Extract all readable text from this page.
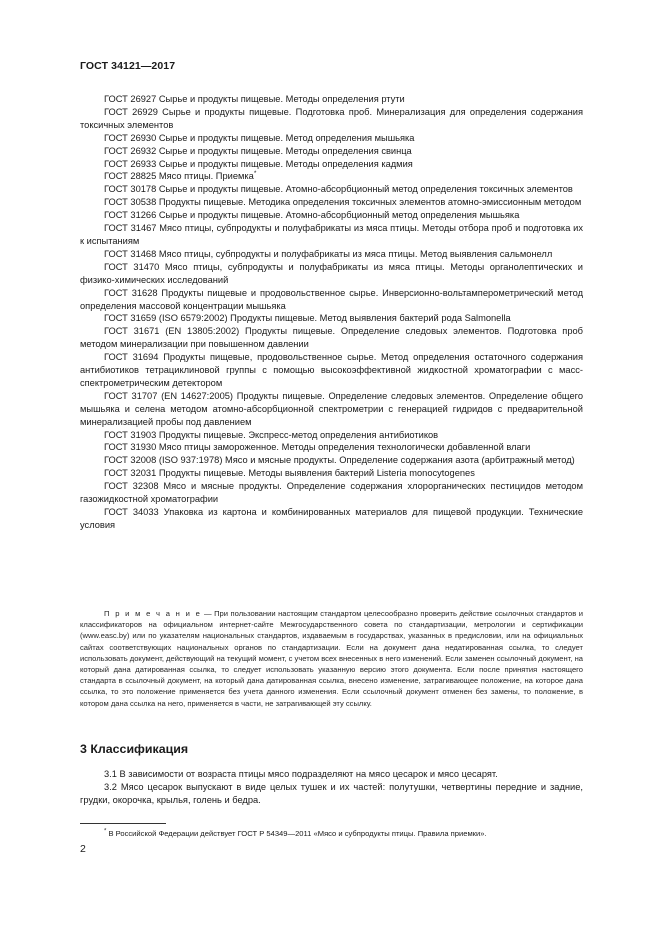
ГОСТ 34121—2017

ГОСТ 26927 Сырье и продукты пищевые. Методы определения ртути

ГОСТ 26929 Сырье и продукты пищевые. Подготовка проб. Минерализация для определения содержания токсичных элементов

ГОСТ 26930 Сырье и продукты пищевые. Метод определения мышьяка

ГОСТ 26932 Сырье и продукты пищевые. Методы определения свинца

ГОСТ 26933 Сырье и продукты пищевые. Методы определения кадмия

ГОСТ 28825 Мясо птицы. Приемка*

ГОСТ 30178 Сырье и продукты пищевые. Атомно-абсорбционный метод определения токсичных элементов

ГОСТ 30538 Продукты пищевые. Методика определения токсичных элементов атомно-эмиссионным методом

ГОСТ 31266 Сырье и продукты пищевые. Атомно-абсорбционный метод определения мышьяка

ГОСТ 31467 Мясо птицы, субпродукты и полуфабрикаты из мяса птицы. Методы отбора проб и подготовка их к испытаниям

ГОСТ 31468 Мясо птицы, субпродукты и полуфабрикаты из мяса птицы. Метод выявления сальмонелл

ГОСТ 31470 Мясо птицы, субпродукты и полуфабрикаты из мяса птицы. Методы органолептических и физико-химических исследований

ГОСТ 31628 Продукты пищевые и продовольственное сырье. Инверсионно-вольтамперометрический метод определения массовой концентрации мышьяка

ГОСТ 31659 (ISO 6579:2002) Продукты пищевые. Метод выявления бактерий рода Salmonella

ГОСТ 31671 (EN 13805:2002) Продукты пищевые. Определение следовых элементов. Подготовка проб методом минерализации при повышенном давлении

ГОСТ 31694 Продукты пищевые, продовольственное сырье. Метод определения остаточного содержания антибиотиков тетрациклиновой группы с помощью высокоэффективной жидкостной хроматографии с масс-спектрометрическим детектором

ГОСТ 31707 (EN 14627:2005) Продукты пищевые. Определение следовых элементов. Определение общего мышьяка и селена методом атомно-абсорбционной спектрометрии с генерацией гидридов с предварительной минерализацией пробы под давлением

ГОСТ 31903 Продукты пищевые. Экспресс-метод определения антибиотиков

ГОСТ 31930 Мясо птицы замороженное. Методы определения технологически добавленной влаги

ГОСТ 32008 (ISO 937:1978) Мясо и мясные продукты. Определение содержания азота (арбитражный метод)

ГОСТ 32031 Продукты пищевые. Методы выявления бактерий Listeria monocytogenes

ГОСТ 32308 Мясо и мясные продукты. Определение содержания хлорорганических пестицидов методом газожидкостной хроматографии

ГОСТ 34033 Упаковка из картона и комбинированных материалов для пищевой продукции. Технические условия

П р и м е ч а н и е — При пользовании настоящим стандартом целесообразно проверить действие ссылочных стандартов и классификаторов на официальном интернет-сайте Межгосударственного совета по стандартизации, метрологии и сертификации (www.easc.by) или по указателям национальных стандартов, издаваемым в государствах, указанных в предисловии, или на официальных сайтах соответствующих национальных органов по стандартизации. Если на документ дана недатированная ссылка, то следует использовать документ, действующий на текущий момент, с учетом всех внесенных в него изменений. Если заменен ссылочный документ, на который дана датированная ссылка, то следует использовать указанную версию этого документа. Если после принятия настоящего стандарта в ссылочный документ, на который дана датированная ссылка, внесено изменение, затрагивающее положение, на которое дана ссылка, то это положение применяется без учета данного изменения. Если ссылочный документ отменен без замены, то положение, в котором дана ссылка на него, применяется в части, не затрагивающей эту ссылку.

3 Классификация

3.1 В зависимости от возраста птицы мясо подразделяют на мясо цесарок и мясо цесарят.

3.2 Мясо цесарок выпускают в виде целых тушек и их частей: полутушки, четвертины передние и задние, грудки, окорочка, крылья, голень и бедра.

* В Российской Федерации действует ГОСТ Р 54349—2011 «Мясо и субпродукты птицы. Правила приемки».

2
